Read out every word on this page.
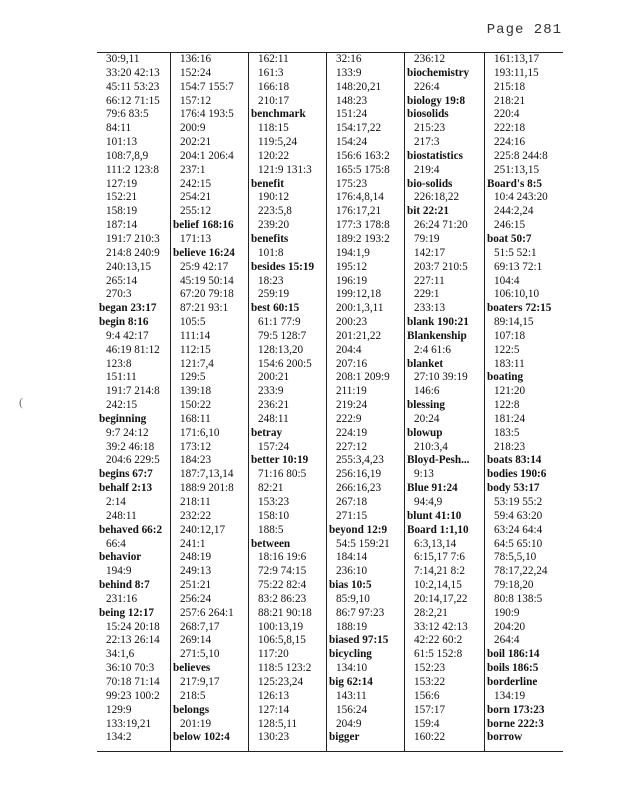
Page 281
(
30:9,11
33:20 42:13
45:11 53:23
66:12 71:15
79:6 83:5
84:11
101:13
108:7,8,9
111:2 123:8
127:19
152:21
158:19
187:14
191:7 210:3
214:8 240:9
240:13,15
265:14
270:3
began 23:17
begin 8:16
9:4 42:17
46:19 81:12
123:8
151:11
191:7 214:8
242:15
beginning
9:7 24:12
39:2 46:18
204:6 229:5
begins 67:7
behalf 2:13
2:14
248:11
behaved 66:2
66:4
behavior
194:9
behind 8:7
231:16
being 12:17
15:24 20:18
22:13 26:14
34:1,6
36:10 70:3
70:18 71:14
99:23 100:2
129:9
133:19,21
134:2
136:16
152:24
154:7 155:7
157:12
176:4 193:5
200:9
202:21
204:1 206:4
237:1
242:15
254:21
255:12
belief 168:16
171:13
believe 16:24
25:9 42:17
45:19 50:14
67:20 79:18
87:21 93:1
105:5
111:14
112:15
121:7,4
129:5
139:18
150:22
168:11
171:6,10
173:12
184:23
187:7,13,14
188:9 201:8
218:11
232:22
240:12,17
241:1
248:19
249:13
251:21
256:24
257:6 264:1
268:7,17
269:14
271:5,10
believes
217:9,17
218:5
belongs
201:19
below 102:4
162:11
161:3
166:18
210:17
benchmark
118:15
119:5,24
120:22
121:9 131:3
benefit
190:12
223:5,8
239:20
benefits
101:8
besides 15:19
18:23
259:19
best 60:15
61:1 77:9
79:5 128:7
128:13,20
154:6 200:5
200:21
233:9
236:21
248:11
betray
157:24
better 10:19
71:16 80:5
82:21
153:23
158:10
188:5
between
18:16 19:6
72:9 74:15
75:22 82:4
83:2 86:23
88:21 90:18
100:13,19
106:5,8,15
117:20
118:5 123:2
125:23,24
126:13
127:14
128:5,11
130:23
32:16
133:9
148:20,21
148:23
151:24
154:17,22
154:24
156:6 163:2
165:5 175:8
175:23
176:4,8,14
176:17,21
177:3 178:8
189:2 193:2
194:1,9
195:12
196:19
199:12,18
200:1,3,11
200:23
201:21,22
204:4
207:16
208:1 209:9
211:19
219:24
222:9
224:19
227:12
255:3,4,23
256:16,19
266:16,23
267:18
271:15
beyond 12:9
54:5 159:21
184:14
236:10
bias 10:5
85:9,10
86:7 97:23
188:19
biased 97:15
bicycling
134:10
big 62:14
143:11
156:24
204:9
bigger
236:12
biochemistry
226:4
biology 19:8
biosolids
215:23
217:3
biostatistics
219:4
bio-solids
226:18,22
bit 22:21
26:24 71:20
79:19
142:17
203:7 210:5
227:11
229:1
233:13
blank 190:21
Blankenship
2:4 61:6
blanket
27:10 39:19
146:6
blessing
20:24
blowup
210:3,4
Bloyd-Pesh...
9:13
Blue 91:24
94:4,9
blunt 41:10
Board 1:1,10
6:3,13,14
6:15,17 7:6
7:14,21 8:2
10:2,14,15
20:14,17,22
28:2,21
33:12 42:13
42:22 60:2
61:5 152:8
152:23
153:22
156:6
157:17
159:4
160:22
161:13,17
193:11,15
215:18
218:21
220:4
222:18
224:16
225:8 244:8
251:13,15
Board's 8:5
10:4 243:20
244:2,24
246:15
boat 50:7
51:5 52:1
69:13 72:1
104:4
106:10,10
boaters 72:15
89:14,15
107:18
122:5
183:11
boating
121:20
122:8
181:24
183:5
218:23
boats 83:14
bodies 190:6
body 53:17
53:19 55:2
59:4 63:20
63:24 64:4
64:5 65:10
78:5,5,10
78:17,22,24
79:18,20
80:8 138:5
190:9
204:20
264:4
boil 186:14
boils 186:5
borderline
134:19
born 173:23
borne 222:3
borrow
